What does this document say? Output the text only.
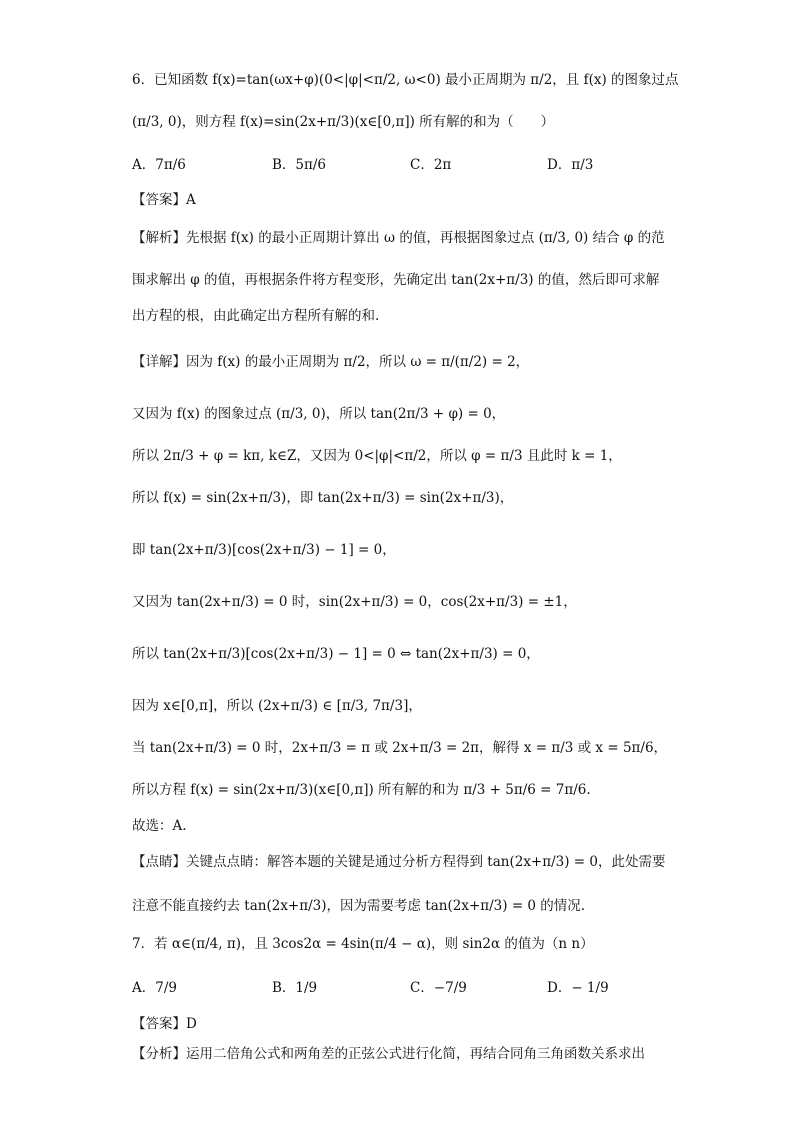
6．已知函数 f(x)=tan(ωx+φ)(0<|φ|<π/2, ω<0) 最小正周期为 π/2，且 f(x) 的图象过点
(π/3, 0)，则方程 f(x)=sin(2x+π/3)(x∈[0,π]) 所有解的和为（　　）
A．7π/6	B．5π/6	C．2π	D．π/3
【答案】A
【解析】先根据 f(x) 的最小正周期计算出 ω 的值，再根据图象过点 (π/3, 0) 结合 φ 的范
围求解出 φ 的值，再根据条件将方程变形，先确定出 tan(2x+π/3) 的值，然后即可求解
出方程的根，由此确定出方程所有解的和.
【详解】因为 f(x) 的最小正周期为 π/2，所以 ω = π/(π/2) = 2，
又因为 f(x) 的图象过点 (π/3, 0)，所以 tan(2π/3 + φ) = 0，
所以 2π/3 + φ = kπ, k∈Z，又因为 0<|φ|<π/2，所以 φ = π/3 且此时 k = 1，
所以 f(x) = sin(2x+π/3)，即 tan(2x+π/3) = sin(2x+π/3)，
即 tan(2x+π/3)[cos(2x+π/3) − 1] = 0，
又因为 tan(2x+π/3) = 0 时，sin(2x+π/3) = 0，cos(2x+π/3) = ±1，
所以 tan(2x+π/3)[cos(2x+π/3) − 1] = 0 ⇔ tan(2x+π/3) = 0，
因为 x∈[0,π]，所以 (2x+π/3) ∈ [π/3, 7π/3]，
当 tan(2x+π/3) = 0 时，2x+π/3 = π 或 2x+π/3 = 2π，解得 x = π/3 或 x = 5π/6，
所以方程 f(x) = sin(2x+π/3)(x∈[0,π]) 所有解的和为 π/3 + 5π/6 = 7π/6.
故选：A.
【点睛】关键点点睛：解答本题的关键是通过分析方程得到 tan(2x+π/3) = 0，此处需要
注意不能直接约去 tan(2x+π/3)，因为需要考虑 tan(2x+π/3) = 0 的情况.
7．若 α∈(π/4, π)，且 3cos2α = 4sin(π/4 − α)，则 sin2α 的值为（n n）
A．7/9	B．1/9	C．−7/9	D．− 1/9
【答案】D
【分析】运用二倍角公式和两角差的正弦公式进行化简，再结合同角三角函数关系求出
